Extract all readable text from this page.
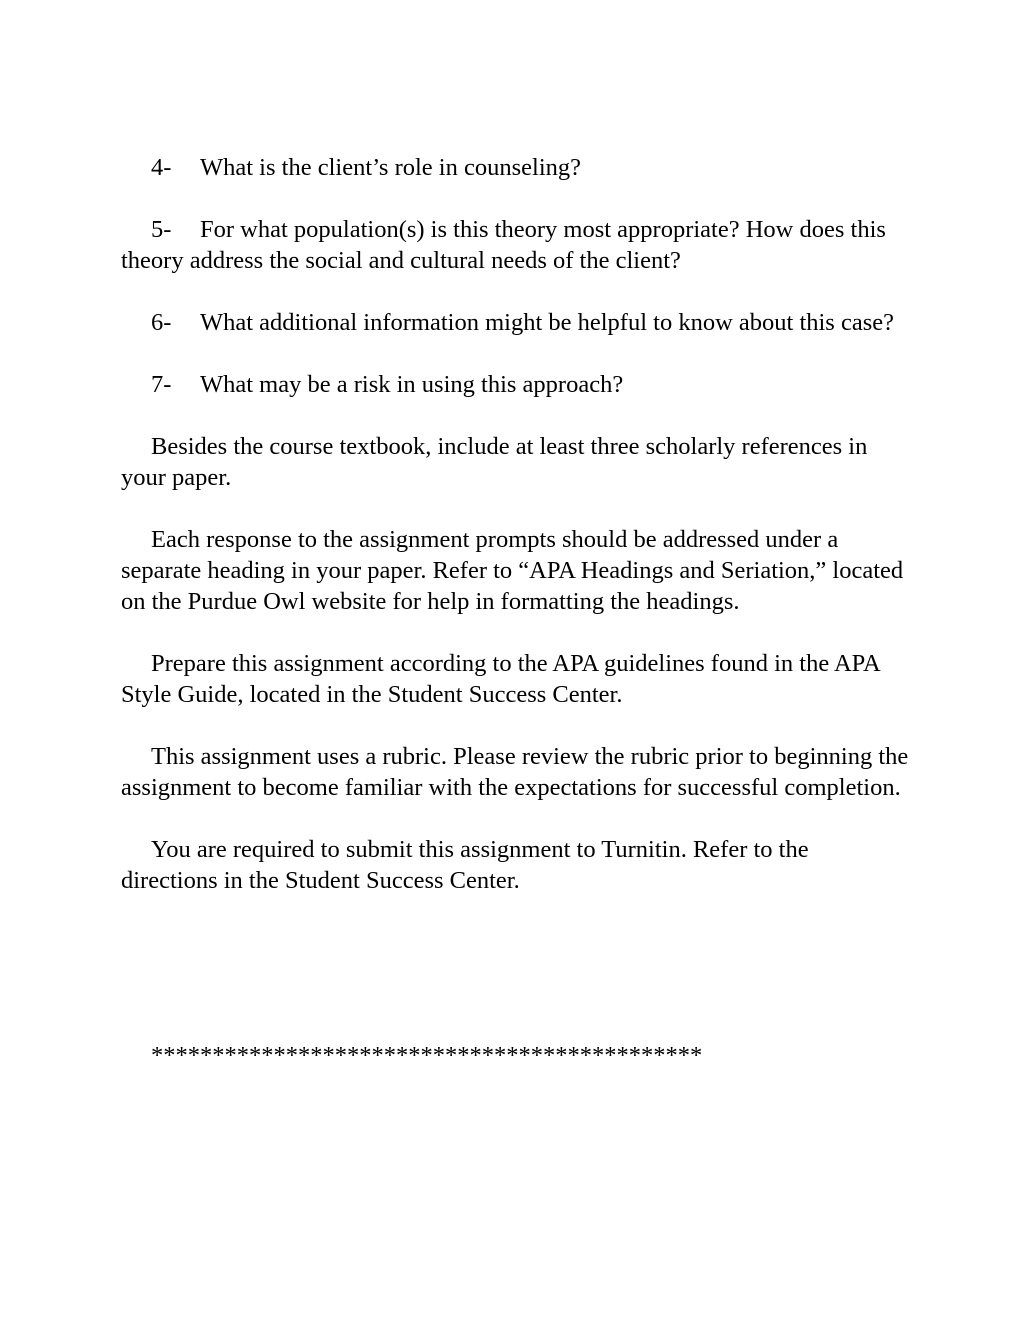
4- What is the client’s role in counseling?

5- For what population(s) is this theory most appropriate? How does this theory address the social and cultural needs of the client?

6- What additional information might be helpful to know about this case?

7- What may be a risk in using this approach?

Besides the course textbook, include at least three scholarly references in your paper.

Each response to the assignment prompts should be addressed under a separate heading in your paper. Refer to “APA Headings and Seriation,” located on the Purdue Owl website for help in formatting the headings.

Prepare this assignment according to the APA guidelines found in the APA Style Guide, located in the Student Success Center.

This assignment uses a rubric. Please review the rubric prior to beginning the assignment to become familiar with the expectations for successful completion.

You are required to submit this assignment to Turnitin. Refer to the directions in the Student Success Center.

*********************************************
